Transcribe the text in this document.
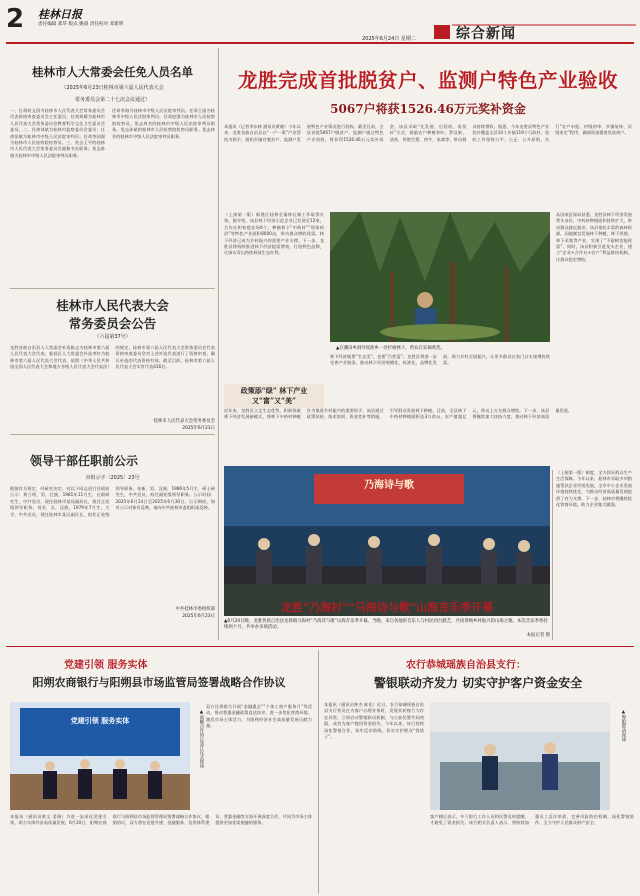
2 桂林日报
责任编辑 郑华 版式 姚晨 责任校对 邓新明
2025年6月24日 星期二	综合新闻
桂林市人大常委会任免人员名单
（2025年6月23日桂林市第六届人民代表大会
常务委员会第二十七次会议通过）
一、任命何文国为桂林市人民代表大会常务委员会代表资格审查委员会主任委员。任命黄耀为桂林市人民代表大会常务委员会教育科学文化卫生委员会委员。二、任命刘斌为桂林市监察委员会委员；任命张敏为桂林市中级人民法院审判员；任命李国强为桂林市人民检察院检察员。三、免去王平的桂林市人民代表大会常务委员会副秘书长职务；免去陈晓为桂林市中级人民法院审判员职务。
任命李海为桂林市中级人民法院审判员。任命王丽为桂林市中级人民法院审判员。任命赵强为桂林市人民检察院检察员。免去周杰的桂林市中级人民法院审判员职务。免去孙斌的桂林市人民检察院检察员职务。免去林芳的桂林市中级人民法院审判员职务。
桂林市人民代表大会
常务委员会公告
（六届第37号）
龙胜各族自治县人大常委会补选陈志为桂林市第六届人民代表大会代表。临桂区人大常委会补选李红为桂林市第六届人民代表大会代表。依照《中华人民共和国全国人民代表大会和地方各级人民代表大会代表法》的规定，桂林市第六届人民代表大会常务委员会代表资格审查委员会对上述补选代表进行了资格审查，确认补选的代表资格有效。截至目前，桂林市第六届人民代表大会实有代表416名。
桂林市人民代表大会常务委员会
2025年6月23日
领导干部任职前公示
市组示字〔2025〕23号
根据有关规定，经研究决定，对以下同志进行任职前公示：黄立明，男，壮族，1981年11月生，在职研究生，中共党员，现任桂林市某局副局长，拟任正处级领导职务。刘芳，女，汉族，1979年7月生，大学，中共党员，现任桂林市某区副区长，拟任正处级领导职务。张新，男，汉族，1986年5月生，硕士研究生，中共党员，拟任副处级领导职务。公示时间：2025年6月24日至2025年6月30日。公示期间，如对公示对象有反映，请向中共桂林市委组织部反映。
中共桂林市委组织部
2025年6月23日
龙胜完成首批脱贫户、监测户特色产业验收
5067户将获1526.46万元奖补资金
本报讯（记者李东林 通讯员黄晓）今年以来，龙胜各族自治县以“一户一策”产业帮扶为抓手，组织乡镇对脱贫户、监测户发展特色产业情况进行验收。截至目前，全县首批5067户脱贫户、监测户通过特色产业验收，将获得1526.46万元奖补资金。该县采取“先发展、后验收、再奖补”方式，鼓励农户种植茶叶、罗汉果、油茶，养殖生猪、肉牛、家禽等，带动群众持续增收。据悉，今年龙胜县特色产业奖补覆盖全县10个乡镇119个行政村，验收工作坚持公平、公正、公开原则，实行“农户申报、村级初审、乡镇复核、县级审定”程序，确保资金精准发放到户。
（上接第一版）新建区桂林全福林长制工作取得实效。据介绍，该县林下经济示范企业已发展至12家，合作社和家庭农场6个，种植林下“中药材”“瑶家药浴”等特色产业面积8000亩，带动群众增收致富。林下经济已成为乡村振兴的重要产业支撑。下一步，龙胜县将持续推进林下经济提质增效，打造特色品牌，让绿水青山持续释放生态红利。
从国家医保局获悉，龙胜县林下经济发展势头良好，中药材种植面积持续扩大，带动群众就近就业。该县依托丰富的森林资源，因地制宜发展林下种植、林下养殖、林下采集等产业，实现了“不砍树也能致富”。同时，该县积极引进龙头企业，建立“企业+合作社+农户”利益联结机制，让群众稳定增收。
▲在潮田乡洞井瑶族乡一处杉树林下，药农在采摘黄芪。
林下经济既要“生态美”，也要“百姓富”。龙胜县将进一步完善产业链条，推动林下经济规模化、标准化、品牌化发展，助力乡村全面振兴，让更多群众在家门口实现增收致富。
政策添“绿” 林下产业又“富”又“美”
近年来，龙胜县立足生态优势，积极探索林下经济发展新模式，将林下中药材种植作为推进乡村振兴的重要抓手。该县通过政策扶持、技术培训、资金奖补等措施，引导群众发展林下种植。目前，全县林下中药材种植面积达3万余亩，年产值超亿元，带动上万名群众增收。下一步，该县将继续加大扶持力度，推动林下经济高质量发展。
乃海诗与歌
龙胜“乃海村”“马海诗与歌”山海音乐季开幕
▲6月20日晚，龙胜各族自治县龙脊镇马海村“乃海诗与歌”山海音乐季开幕。当晚，来自各地的音乐人与村民同台献艺，共同奏响乡村振兴的山海之歌。本次音乐季将持续两个月，共举办多场活动。
本报记者 摄
（上接第一版）制度，全力抓好群众生产生活保障。今年以来，桂林市采取多项措施帮扶企业纾困发展，全市中小企业发展环境持续优化，为推动经济高质量发展提供了有力支撑。下一步，桂林市将继续优化营商环境，助力企业做大做强。
党建引领 服务实体
阳朔农商银行与阳朔县市场监管局签署战略合作协议
党建引领 服务实体	▲战略合作协议签订仪式现场
双方还将联合开展“金融惠企”“个体工商户服务月”等活动，推动普惠金融政策直达快享，进一步优化营商环境，激发市场主体活力，为阳朔经济社会高质量发展贡献力量。
本报讯（通讯员黄文 姜娟）为进一步深化党建引领，助力实体经济高质量发展，6月20日，阳朔农商银行与阳朔县市场监督管理局签署战略合作协议。根据协议，双方将在党建共建、金融服务、信用体系建设、普惠金融等方面开展深度合作，共同为市场主体提供更加优质便捷的服务。
农行恭城瑶族自治县支行：
警银联动齐发力 切实守护客户资金安全
本报讯（通讯员钟杰 陈佳）近日，农行恭城瑶族自治县支行柜员在为客户办理业务时，发现其转账行为存在异常，立即启动警银联动机制，与公安民警共同劝阻，成功为客户挽回资金损失。今年以来，该行持续深化警银合作，筑牢反诈防线，切实守护群众“钱袋子”。	▲警银联动现场
客户随后表示，多亏银行工作人员和民警及时提醒，才避免了资金损失。该行相关负责人表示，将持续加强员工反诈培训，完善风险防控机制，深化警银协作，全力守护人民群众财产安全。
